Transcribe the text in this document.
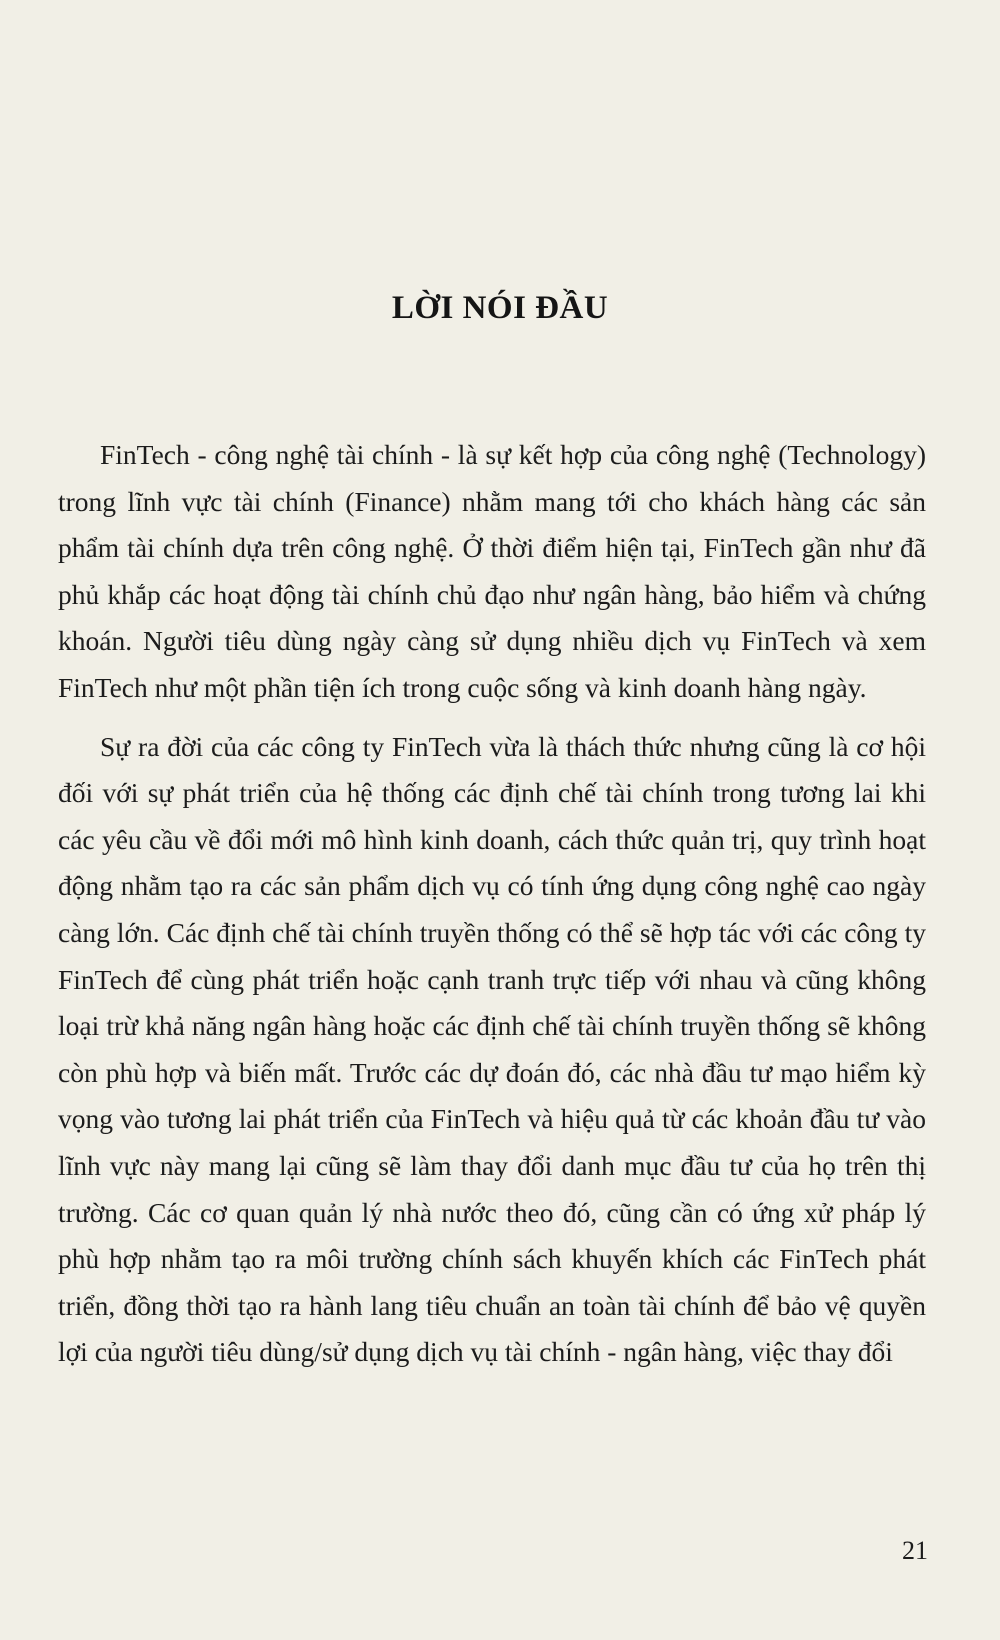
LỜI NÓI ĐẦU

FinTech - công nghệ tài chính - là sự kết hợp của công nghệ (Technology) trong lĩnh vực tài chính (Finance) nhằm mang tới cho khách hàng các sản phẩm tài chính dựa trên công nghệ. Ở thời điểm hiện tại, FinTech gần như đã phủ khắp các hoạt động tài chính chủ đạo như ngân hàng, bảo hiểm và chứng khoán. Người tiêu dùng ngày càng sử dụng nhiều dịch vụ FinTech và xem FinTech như một phần tiện ích trong cuộc sống và kinh doanh hàng ngày.

Sự ra đời của các công ty FinTech vừa là thách thức nhưng cũng là cơ hội đối với sự phát triển của hệ thống các định chế tài chính trong tương lai khi các yêu cầu về đổi mới mô hình kinh doanh, cách thức quản trị, quy trình hoạt động nhằm tạo ra các sản phẩm dịch vụ có tính ứng dụng công nghệ cao ngày càng lớn. Các định chế tài chính truyền thống có thể sẽ hợp tác với các công ty FinTech để cùng phát triển hoặc cạnh tranh trực tiếp với nhau và cũng không loại trừ khả năng ngân hàng hoặc các định chế tài chính truyền thống sẽ không còn phù hợp và biến mất. Trước các dự đoán đó, các nhà đầu tư mạo hiểm kỳ vọng vào tương lai phát triển của FinTech và hiệu quả từ các khoản đầu tư vào lĩnh vực này mang lại cũng sẽ làm thay đổi danh mục đầu tư của họ trên thị trường. Các cơ quan quản lý nhà nước theo đó, cũng cần có ứng xử pháp lý phù hợp nhằm tạo ra môi trường chính sách khuyến khích các FinTech phát triển, đồng thời tạo ra hành lang tiêu chuẩn an toàn tài chính để bảo vệ quyền lợi của người tiêu dùng/sử dụng dịch vụ tài chính - ngân hàng, việc thay đổi

21
